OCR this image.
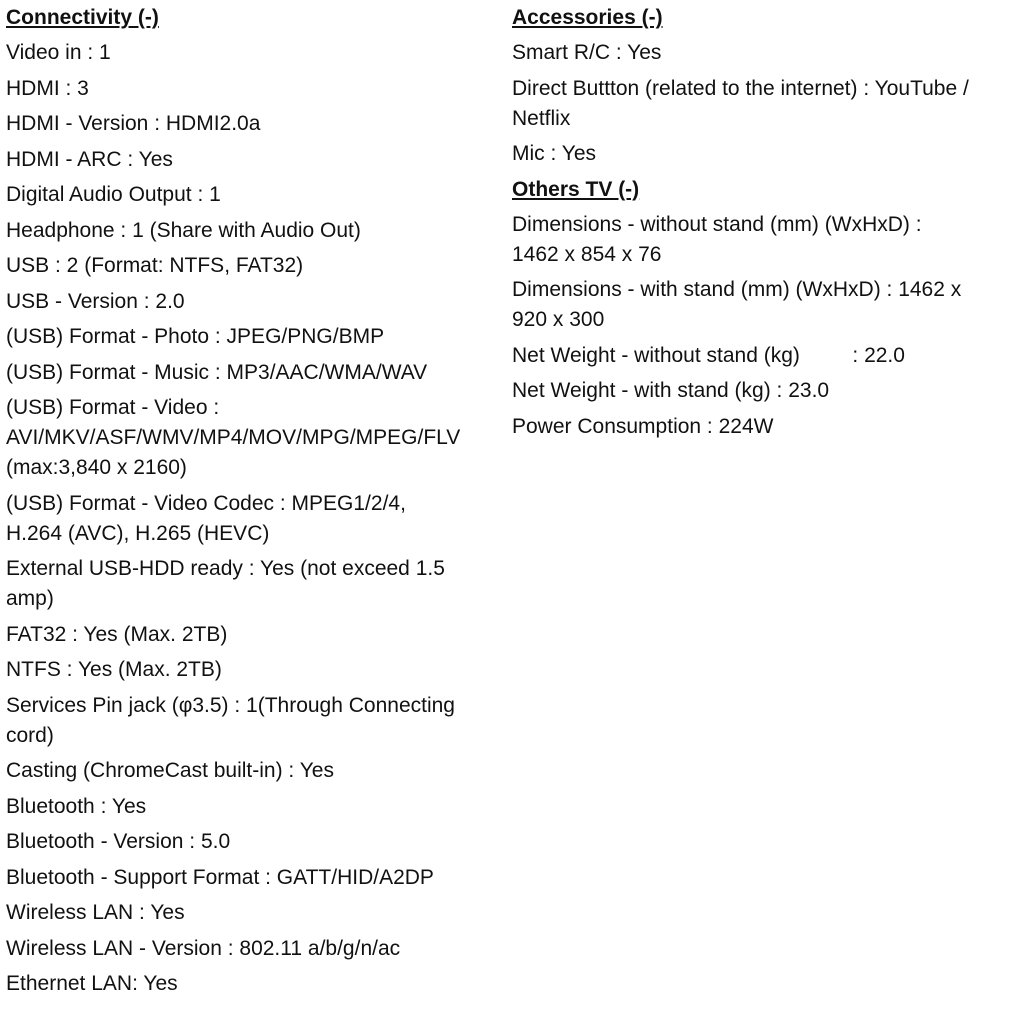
Connectivity (-)
Video in : 1
HDMI : 3
HDMI - Version : HDMI2.0a
HDMI - ARC : Yes
Digital Audio Output : 1
Headphone : 1 (Share with Audio Out)
USB : 2 (Format: NTFS, FAT32)
USB - Version : 2.0
(USB) Format - Photo : JPEG/PNG/BMP
(USB) Format - Music : MP3/AAC/WMA/WAV
(USB) Format - Video :
AVI/MKV/ASF/WMV/MP4/MOV/MPG/MPEG/FLV
(max:3,840 x 2160)
(USB) Format - Video Codec : MPEG1/2/4,
H.264 (AVC), H.265 (HEVC)
External USB-HDD ready : Yes (not exceed 1.5
amp)
FAT32 : Yes (Max. 2TB)
NTFS : Yes (Max. 2TB)
Services Pin jack (φ3.5) : 1(Through Connecting
cord)
Casting (ChromeCast built-in) : Yes
Bluetooth : Yes
Bluetooth - Version : 5.0
Bluetooth - Support Format : GATT/HID/A2DP
Wireless LAN : Yes
Wireless LAN - Version : 802.11 a/b/g/n/ac
Ethernet LAN: Yes
Accessories (-)
Smart R/C : Yes
Direct Buttton (related to the internet) : YouTube /
Netflix
Mic : Yes
Others TV (-)
Dimensions - without stand (mm) (WxHxD) :
1462 x 854 x 76
Dimensions - with stand (mm) (WxHxD) : 1462 x
920 x 300
Net Weight - without stand (kg)         : 22.0
Net Weight - with stand (kg) : 23.0
Power Consumption : 224W
